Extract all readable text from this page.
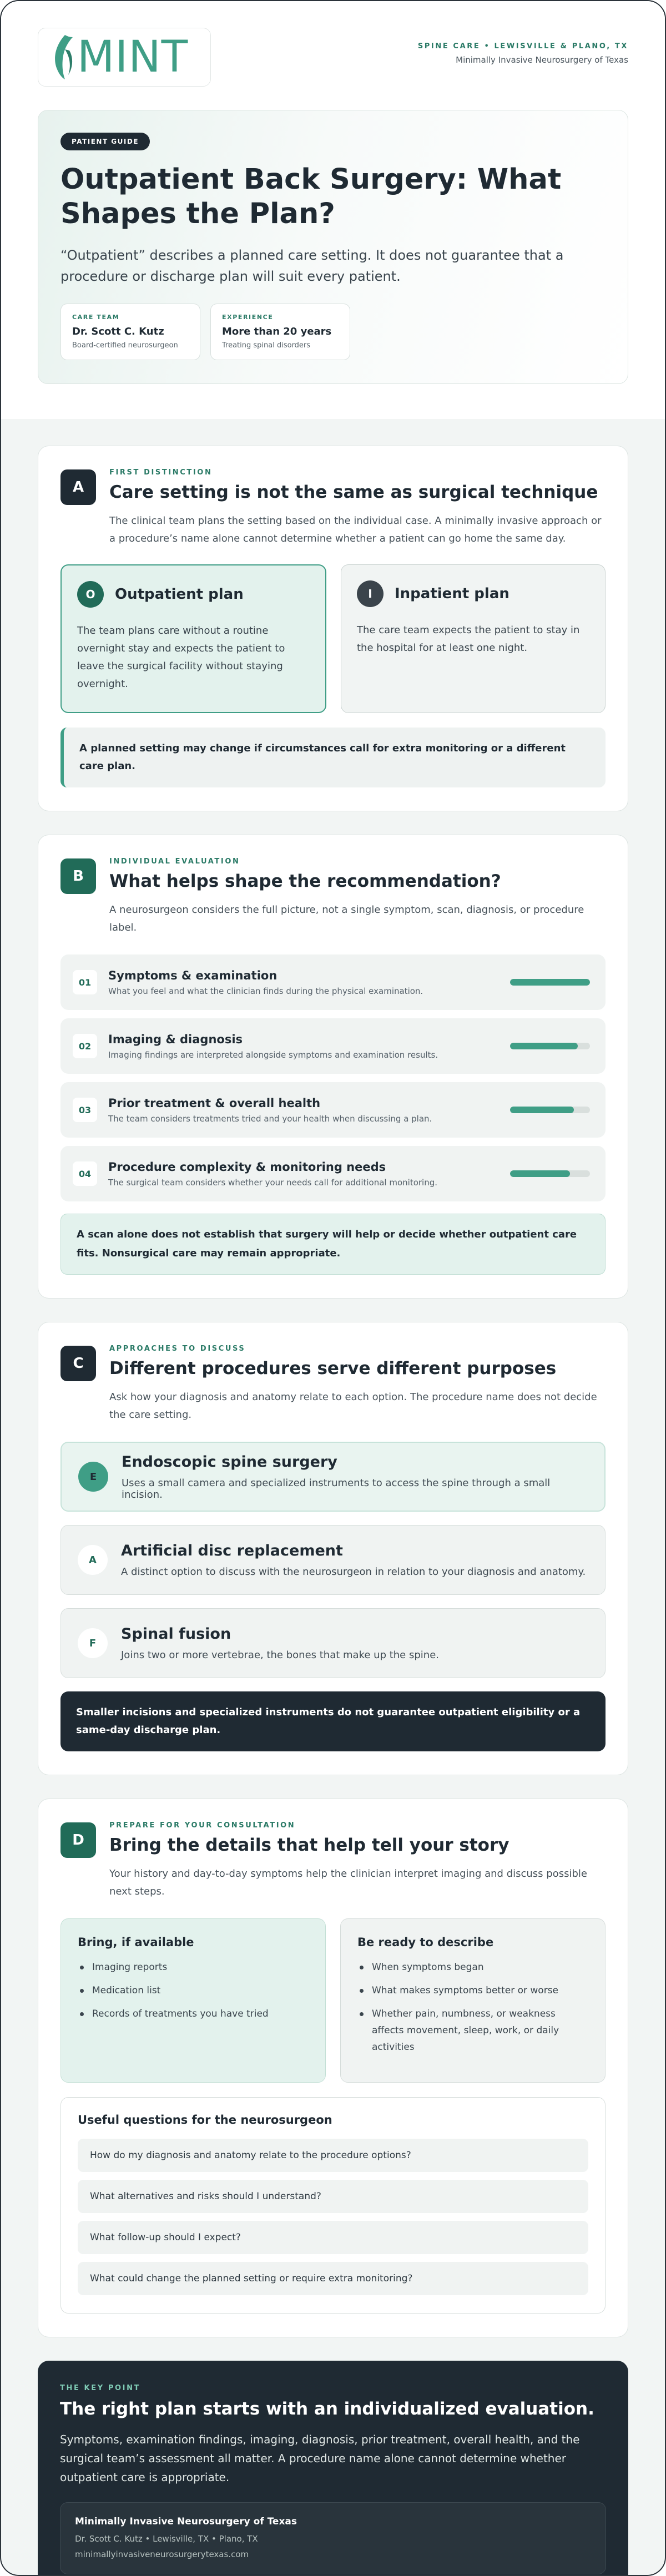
MINT	SPINE CARE • LEWISVILLE & PLANO, TX
Minimally Invasive Neurosurgery of Texas
PATIENT GUIDE
Outpatient Back Surgery: What Shapes the Plan?

“Outpatient” describes a planned care setting. It does not guarantee that a procedure or discharge plan will suit every patient.

CARE TEAM
Dr. Scott C. Kutz
Board-certified neurosurgeon
EXPERIENCE
More than 20 years
Treating spinal disorders
A
FIRST DISTINCTION
Care setting is not the same as surgical technique

The clinical team plans the setting based on the individual case. A minimally invasive approach or a procedure’s name alone cannot determine whether a patient can go home the same day.

O	Outpatient plan

The team plans care without a routine overnight stay and expects the patient to leave the surgical facility without staying overnight.

I	Inpatient plan

The care team expects the patient to stay in the hospital for at least one night.

A planned setting may change if circumstances call for extra monitoring or a different care plan.
B
INDIVIDUAL EVALUATION
What helps shape the recommendation?

A neurosurgeon considers the full picture, not a single symptom, scan, diagnosis, or procedure label.

01
Symptoms & examination
What you feel and what the clinician finds during the physical examination.
02
Imaging & diagnosis
Imaging findings are interpreted alongside symptoms and examination results.
03
Prior treatment & overall health
The team considers treatments tried and your health when discussing a plan.
04
Procedure complexity & monitoring needs
The surgical team considers whether your needs call for additional monitoring.
A scan alone does not establish that surgery will help or decide whether outpatient care fits. Nonsurgical care may remain appropriate.
C
APPROACHES TO DISCUSS
Different procedures serve different purposes

Ask how your diagnosis and anatomy relate to each option. The procedure name does not decide the care setting.

E
Endoscopic spine surgery
Uses a small camera and specialized instruments to access the spine through a small incision.
A
Artificial disc replacement
A distinct option to discuss with the neurosurgeon in relation to your diagnosis and anatomy.
F
Spinal fusion
Joins two or more vertebrae, the bones that make up the spine.
Smaller incisions and specialized instruments do not guarantee outpatient eligibility or a same-day discharge plan.
D
PREPARE FOR YOUR CONSULTATION
Bring the details that help tell your story

Your history and day-to-day symptoms help the clinician interpret imaging and discuss possible next steps.

Bring, if available
Imaging reports
Medication list
Records of treatments you have tried
Be ready to describe
When symptoms began
What makes symptoms better or worse
Whether pain, numbness, or weakness affects movement, sleep, work, or daily activities
Useful questions for the neurosurgeon
How do my diagnosis and anatomy relate to the procedure options?
What alternatives and risks should I understand?
What follow-up should I expect?
What could change the planned setting or require extra monitoring?
THE KEY POINT
The right plan starts with an individualized evaluation.

Symptoms, examination findings, imaging, diagnosis, prior treatment, overall health, and the surgical team’s assessment all matter. A procedure name alone cannot determine whether outpatient care is appropriate.

Minimally Invasive Neurosurgery of Texas
Dr. Scott C. Kutz • Lewisville, TX • Plano, TX
minimallyinvasiveneurosurgerytexas.com
